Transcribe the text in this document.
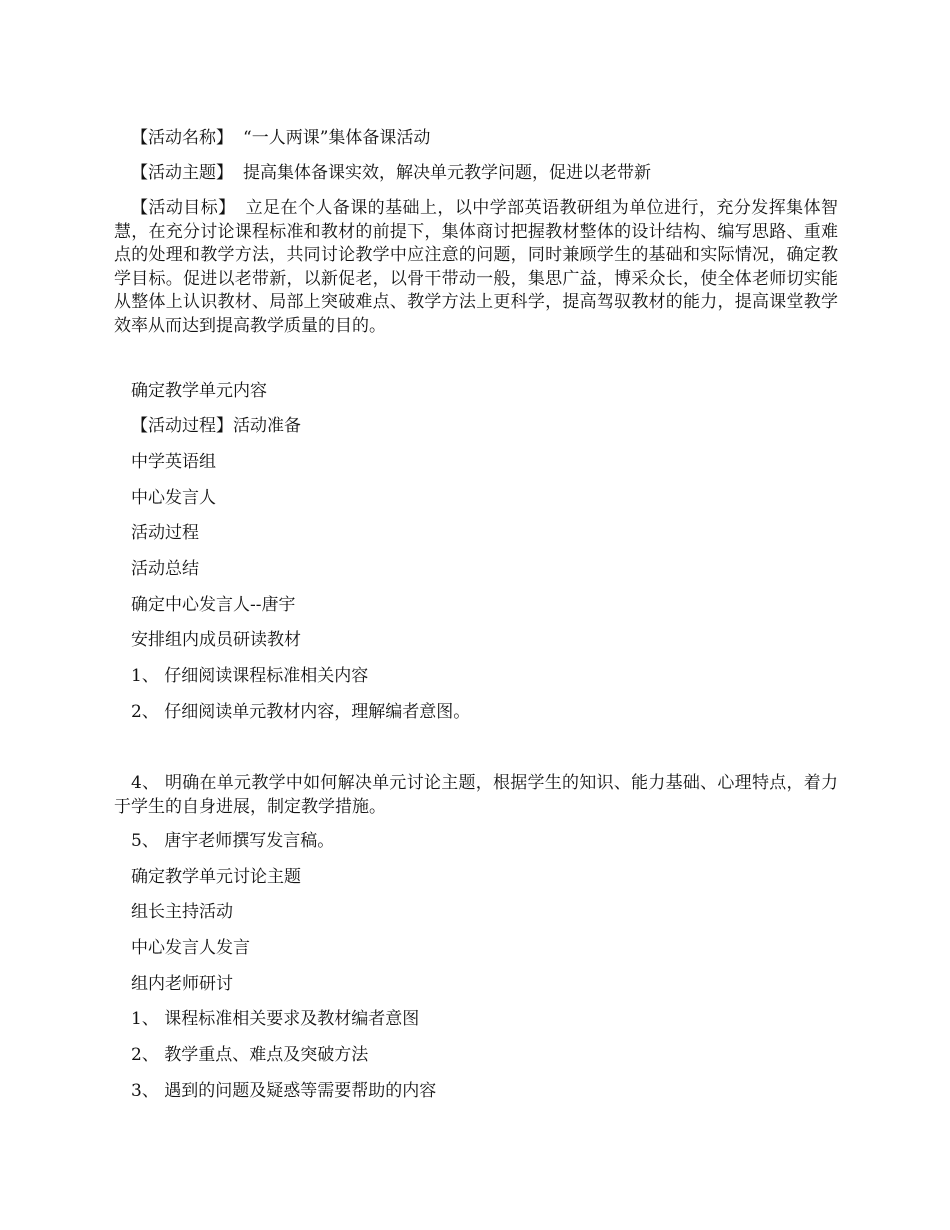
【活动名称】 “一人两课”集体备课活动
【活动主题】 提高集体备课实效，解决单元教学问题，促进以老带新
【活动目标】 立足在个人备课的基础上，以中学部英语教研组为单位进行，充分发挥集体智慧，在充分讨论课程标准和教材的前提下，集体商讨把握教材整体的设计结构、编写思路、重难点的处理和教学方法，共同讨论教学中应注意的问题，同时兼顾学生的基础和实际情况，确定教学目标。促进以老带新，以新促老，以骨干带动一般，集思广益，博采众长，使全体老师切实能从整体上认识教材、局部上突破难点、教学方法上更科学，提高驾驭教材的能力，提高课堂教学效率从而达到提高教学质量的目的。
确定教学单元内容
【活动过程】活动准备
中学英语组
中心发言人
活动过程
活动总结
确定中心发言人--唐宇
安排组内成员研读教材
1、 仔细阅读课程标准相关内容
2、 仔细阅读单元教材内容，理解编者意图。
4、 明确在单元教学中如何解决单元讨论主题，根据学生的知识、能力基础、心理特点，着力于学生的自身进展，制定教学措施。
5、 唐宇老师撰写发言稿。
确定教学单元讨论主题
组长主持活动
中心发言人发言
组内老师研讨
1、 课程标准相关要求及教材编者意图
2、 教学重点、难点及突破方法
3、 遇到的问题及疑惑等需要帮助的内容
